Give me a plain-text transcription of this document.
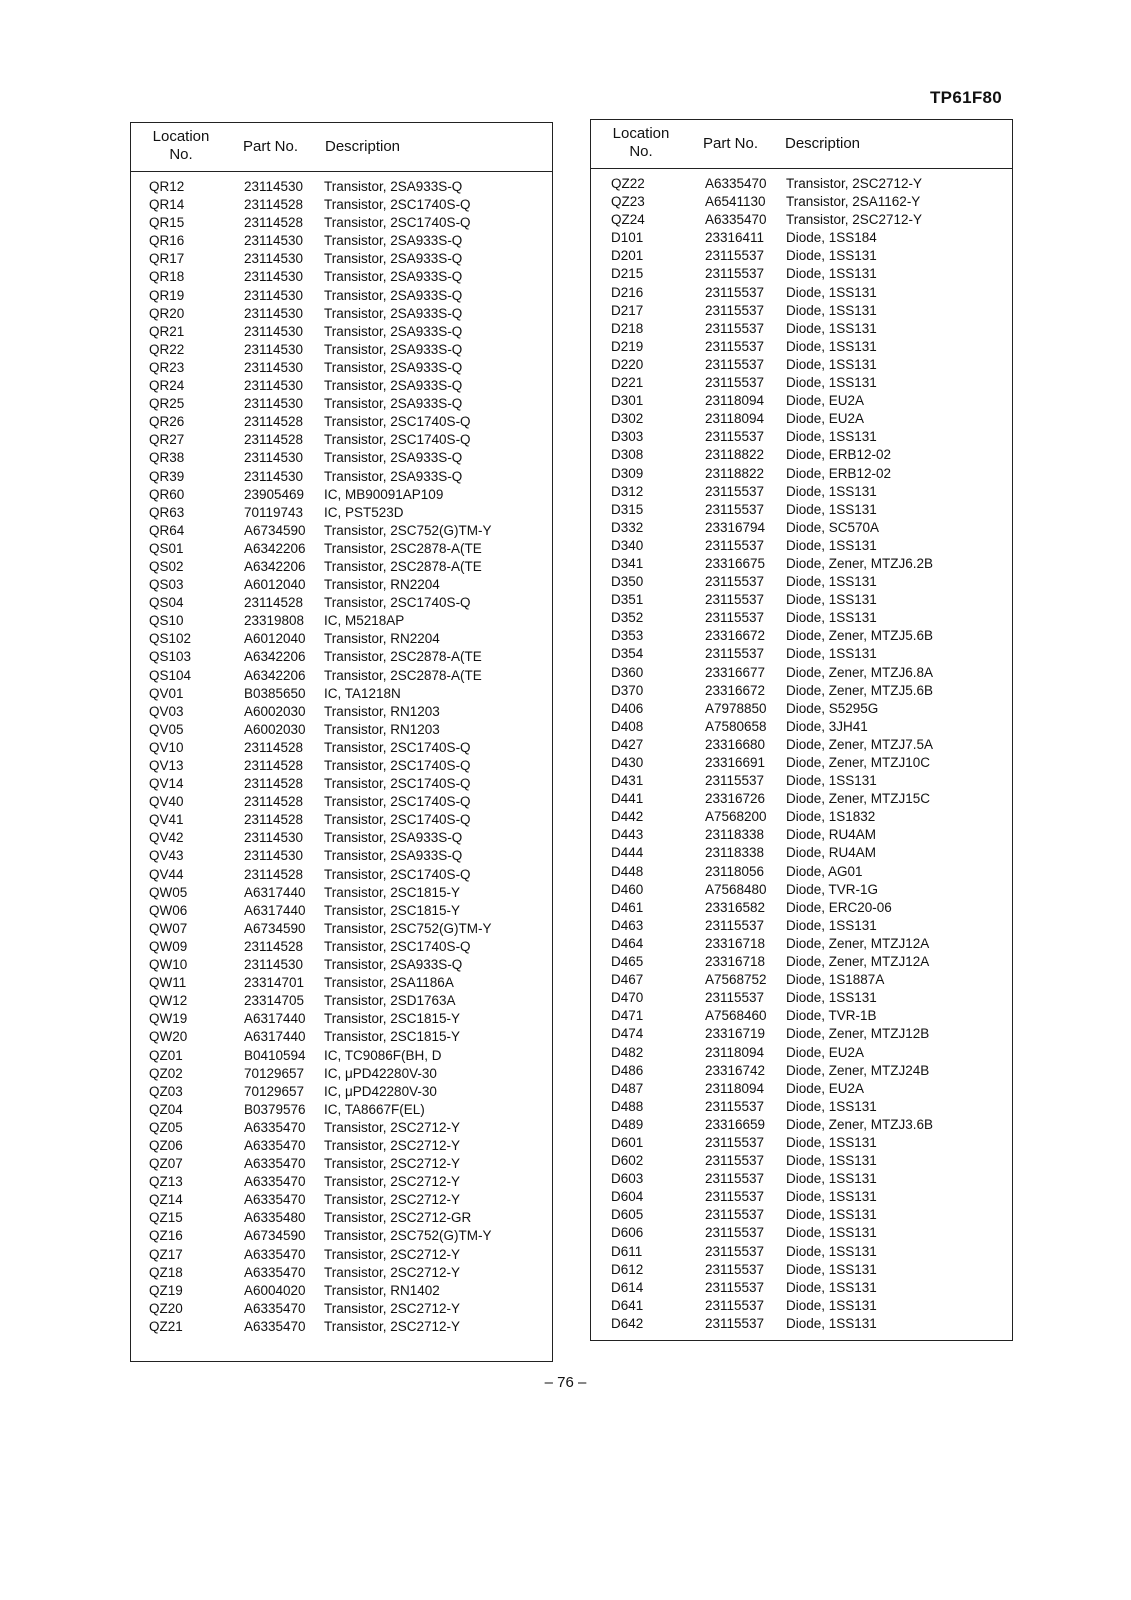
TP61F80
Location
No.	Part No. Description
QR12	23114530 Transistor, 2SA933S-Q
QR14	23114528 Transistor, 2SC1740S-Q
QR15	23114528 Transistor, 2SC1740S-Q
QR16	23114530 Transistor, 2SA933S-Q
QR17	23114530 Transistor, 2SA933S-Q
QR18	23114530 Transistor, 2SA933S-Q
QR19	23114530 Transistor, 2SA933S-Q
QR20	23114530 Transistor, 2SA933S-Q
QR21	23114530 Transistor, 2SA933S-Q
QR22	23114530 Transistor, 2SA933S-Q
QR23	23114530 Transistor, 2SA933S-Q
QR24	23114530 Transistor, 2SA933S-Q
QR25	23114530 Transistor, 2SA933S-Q
QR26	23114528 Transistor, 2SC1740S-Q
QR27	23114528 Transistor, 2SC1740S-Q
QR38	23114530 Transistor, 2SA933S-Q
QR39	23114530 Transistor, 2SA933S-Q
QR60	23905469 IC, MB90091AP109
QR63	70119743 IC, PST523D
QR64	A6734590 Transistor, 2SC752(G)TM-Y
QS01	A6342206 Transistor, 2SC2878-A(TE
QS02	A6342206 Transistor, 2SC2878-A(TE
QS03	A6012040 Transistor, RN2204
QS04	23114528 Transistor, 2SC1740S-Q
QS10	23319808 IC, M5218AP
QS102	A6012040 Transistor, RN2204
QS103	A6342206 Transistor, 2SC2878-A(TE
QS104	A6342206 Transistor, 2SC2878-A(TE
QV01	B0385650 IC, TA1218N
QV03	A6002030 Transistor, RN1203
QV05	A6002030 Transistor, RN1203
QV10	23114528 Transistor, 2SC1740S-Q
QV13	23114528 Transistor, 2SC1740S-Q
QV14	23114528 Transistor, 2SC1740S-Q
QV40	23114528 Transistor, 2SC1740S-Q
QV41	23114528 Transistor, 2SC1740S-Q
QV42	23114530 Transistor, 2SA933S-Q
QV43	23114530 Transistor, 2SA933S-Q
QV44	23114528 Transistor, 2SC1740S-Q
QW05	A6317440 Transistor, 2SC1815-Y
QW06	A6317440 Transistor, 2SC1815-Y
QW07	A6734590 Transistor, 2SC752(G)TM-Y
QW09	23114528 Transistor, 2SC1740S-Q
QW10	23114530 Transistor, 2SA933S-Q
QW11	23314701 Transistor, 2SA1186A
QW12	23314705 Transistor, 2SD1763A
QW19	A6317440 Transistor, 2SC1815-Y
QW20	A6317440 Transistor, 2SC1815-Y
QZ01	B0410594 IC, TC9086F(BH, D
QZ02	70129657 IC, μPD42280V-30
QZ03	70129657 IC, μPD42280V-30
QZ04	B0379576 IC, TA8667F(EL)
QZ05	A6335470 Transistor, 2SC2712-Y
QZ06	A6335470 Transistor, 2SC2712-Y
QZ07	A6335470 Transistor, 2SC2712-Y
QZ13	A6335470 Transistor, 2SC2712-Y
QZ14	A6335470 Transistor, 2SC2712-Y
QZ15	A6335480 Transistor, 2SC2712-GR
QZ16	A6734590 Transistor, 2SC752(G)TM-Y
QZ17	A6335470 Transistor, 2SC2712-Y
QZ18	A6335470 Transistor, 2SC2712-Y
QZ19	A6004020 Transistor, RN1402
QZ20	A6335470 Transistor, 2SC2712-Y
QZ21	A6335470 Transistor, 2SC2712-Y
Location
No.	Part No. Description
QZ22	A6335470 Transistor, 2SC2712-Y
QZ23	A6541130 Transistor, 2SA1162-Y
QZ24	A6335470 Transistor, 2SC2712-Y
D101	23316411 Diode, 1SS184
D201	23115537 Diode, 1SS131
D215	23115537 Diode, 1SS131
D216	23115537 Diode, 1SS131
D217	23115537 Diode, 1SS131
D218	23115537 Diode, 1SS131
D219	23115537 Diode, 1SS131
D220	23115537 Diode, 1SS131
D221	23115537 Diode, 1SS131
D301	23118094 Diode, EU2A
D302	23118094 Diode, EU2A
D303	23115537 Diode, 1SS131
D308	23118822 Diode, ERB12-02
D309	23118822 Diode, ERB12-02
D312	23115537 Diode, 1SS131
D315	23115537 Diode, 1SS131
D332	23316794 Diode, SC570A
D340	23115537 Diode, 1SS131
D341	23316675 Diode, Zener, MTZJ6.2B
D350	23115537 Diode, 1SS131
D351	23115537 Diode, 1SS131
D352	23115537 Diode, 1SS131
D353	23316672 Diode, Zener, MTZJ5.6B
D354	23115537 Diode, 1SS131
D360	23316677 Diode, Zener, MTZJ6.8A
D370	23316672 Diode, Zener, MTZJ5.6B
D406	A7978850 Diode, S5295G
D408	A7580658 Diode, 3JH41
D427	23316680 Diode, Zener, MTZJ7.5A
D430	23316691 Diode, Zener, MTZJ10C
D431	23115537 Diode, 1SS131
D441	23316726 Diode, Zener, MTZJ15C
D442	A7568200 Diode, 1S1832
D443	23118338 Diode, RU4AM
D444	23118338 Diode, RU4AM
D448	23118056 Diode, AG01
D460	A7568480 Diode, TVR-1G
D461	23316582 Diode, ERC20-06
D463	23115537 Diode, 1SS131
D464	23316718 Diode, Zener, MTZJ12A
D465	23316718 Diode, Zener, MTZJ12A
D467	A7568752 Diode, 1S1887A
D470	23115537 Diode, 1SS131
D471	A7568460 Diode, TVR-1B
D474	23316719 Diode, Zener, MTZJ12B
D482	23118094 Diode, EU2A
D486	23316742 Diode, Zener, MTZJ24B
D487	23118094 Diode, EU2A
D488	23115537 Diode, 1SS131
D489	23316659 Diode, Zener, MTZJ3.6B
D601	23115537 Diode, 1SS131
D602	23115537 Diode, 1SS131
D603	23115537 Diode, 1SS131
D604	23115537 Diode, 1SS131
D605	23115537 Diode, 1SS131
D606	23115537 Diode, 1SS131
D611	23115537 Diode, 1SS131
D612	23115537 Diode, 1SS131
D614	23115537 Diode, 1SS131
D641	23115537 Diode, 1SS131
D642	23115537 Diode, 1SS131
– 76 –
